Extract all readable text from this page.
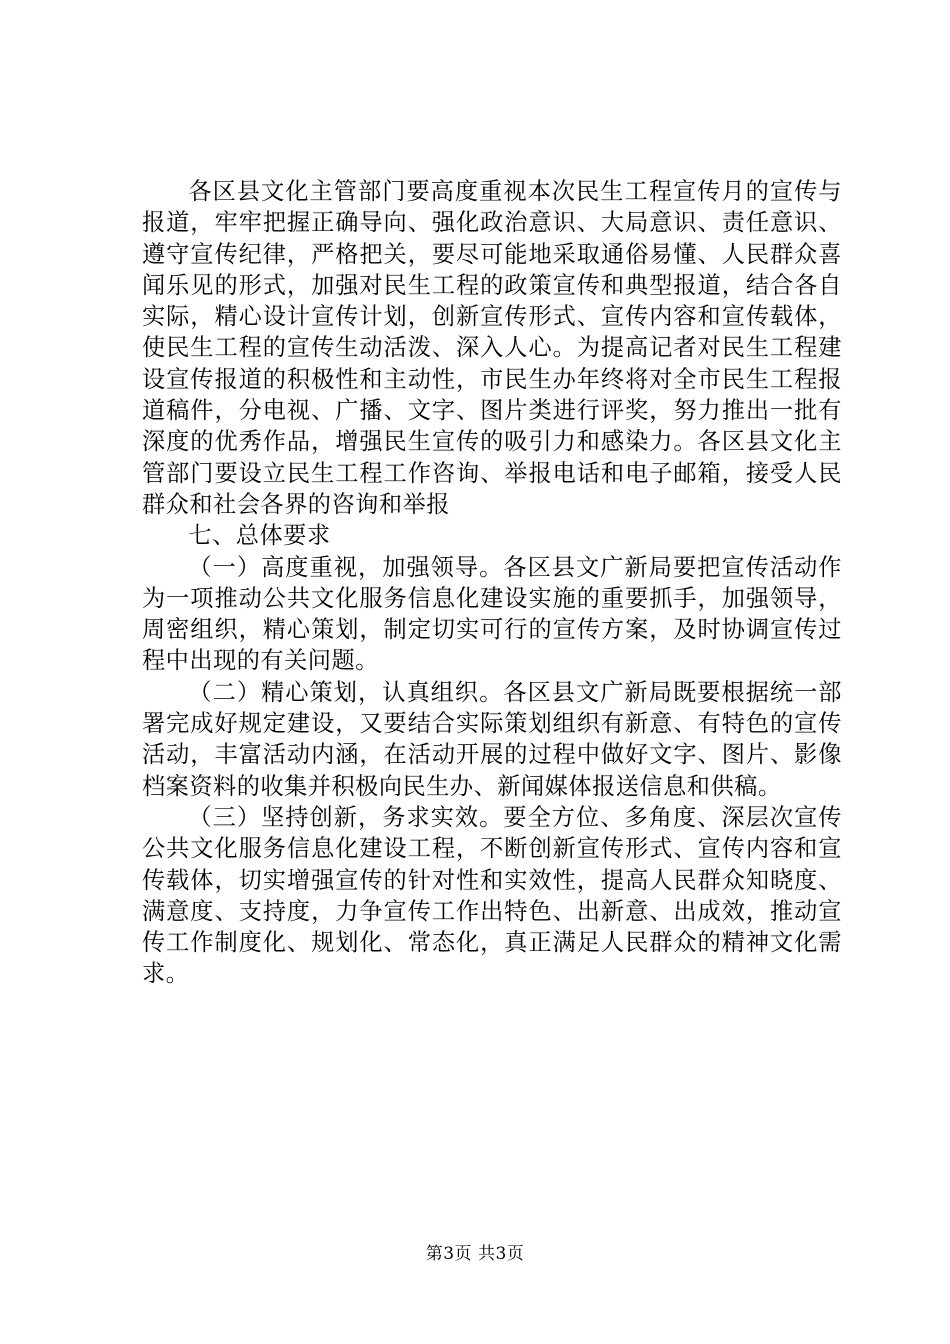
各区县文化主管部门要高度重视本次民生工程宣传月的宣传与报道，牢牢把握正确导向、强化政治意识、大局意识、责任意识、遵守宣传纪律，严格把关，要尽可能地采取通俗易懂、人民群众喜闻乐见的形式，加强对民生工程的政策宣传和典型报道，结合各自实际，精心设计宣传计划，创新宣传形式、宣传内容和宣传载体，使民生工程的宣传生动活泼、深入人心。为提高记者对民生工程建设宣传报道的积极性和主动性，市民生办年终将对全市民生工程报道稿件，分电视、广播、文字、图片类进行评奖，努力推出一批有深度的优秀作品，增强民生宣传的吸引力和感染力。各区县文化主管部门要设立民生工程工作咨询、举报电话和电子邮箱，接受人民群众和社会各界的咨询和举报

七、总体要求

（一）高度重视，加强领导。各区县文广新局要把宣传活动作为一项推动公共文化服务信息化建设实施的重要抓手，加强领导，周密组织，精心策划，制定切实可行的宣传方案，及时协调宣传过程中出现的有关问题。

（二）精心策划，认真组织。各区县文广新局既要根据统一部署完成好规定建设，又要结合实际策划组织有新意、有特色的宣传活动，丰富活动内涵，在活动开展的过程中做好文字、图片、影像档案资料的收集并积极向民生办、新闻媒体报送信息和供稿。

（三）坚持创新，务求实效。要全方位、多角度、深层次宣传公共文化服务信息化建设工程，不断创新宣传形式、宣传内容和宣传载体，切实增强宣传的针对性和实效性，提高人民群众知晓度、满意度、支持度，力争宣传工作出特色、出新意、出成效，推动宣传工作制度化、规划化、常态化，真正满足人民群众的精神文化需求。

第3页 共3页
